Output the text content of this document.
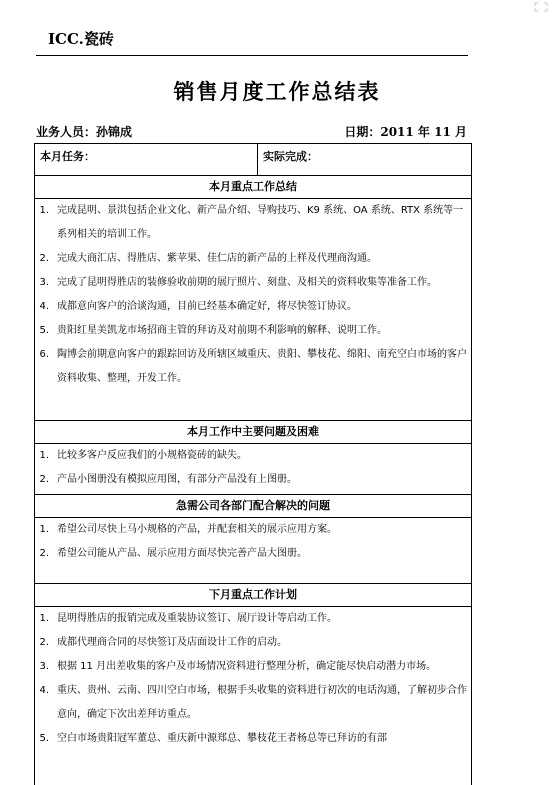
ICC.瓷砖
销售月度工作总结表
业务人员：孙锦成	日期：2011 年 11 月
本月任务：	实际完成：
本月重点工作总结
1. 完成昆明、景洪包括企业文化、新产品介绍、导购技巧、K9 系统、OA 系统、RTX 系统等一系列相关的培训工作。
2. 完成大商汇店、得胜店、紫苹果、佳仁店的新产品的上样及代理商沟通。
3. 完成了昆明得胜店的装修验收前期的展厅照片、刻盘、及相关的资料收集等准备工作。
4. 成都意向客户的洽谈沟通，目前已经基本确定好，将尽快签订协议。
5. 贵阳红星美凯龙市场招商主管的拜访及对前期不利影响的解释、说明工作。
6. 陶博会前期意向客户的跟踪回访及所辖区域重庆、贵阳、攀枝花、绵阳、南充空白市场的客户资料收集、整理，开发工作。
本月工作中主要问题及困难
1. 比较多客户反应我们的小规格瓷砖的缺失。
2. 产品小图册没有模拟应用图，有部分产品没有上图册。
急需公司各部门配合解决的问题
1. 希望公司尽快上马小规格的产品，并配套相关的展示应用方案。
2. 希望公司能从产品、展示应用方面尽快完善产品大图册。
下月重点工作计划
1. 昆明得胜店的报销完成及重装协议签订、展厅设计等启动工作。
2. 成都代理商合同的尽快签订及店面设计工作的启动。
3. 根据 11 月出差收集的客户及市场情况资料进行整理分析，确定能尽快启动潜力市场。
4. 重庆、贵州、云南、四川空白市场，根据手头收集的资料进行初次的电话沟通，了解初步合作意向，确定下次出差拜访重点。
5. 空白市场贵阳冠军董总、重庆新中源郑总、攀枝花王者杨总等已拜访的有部
